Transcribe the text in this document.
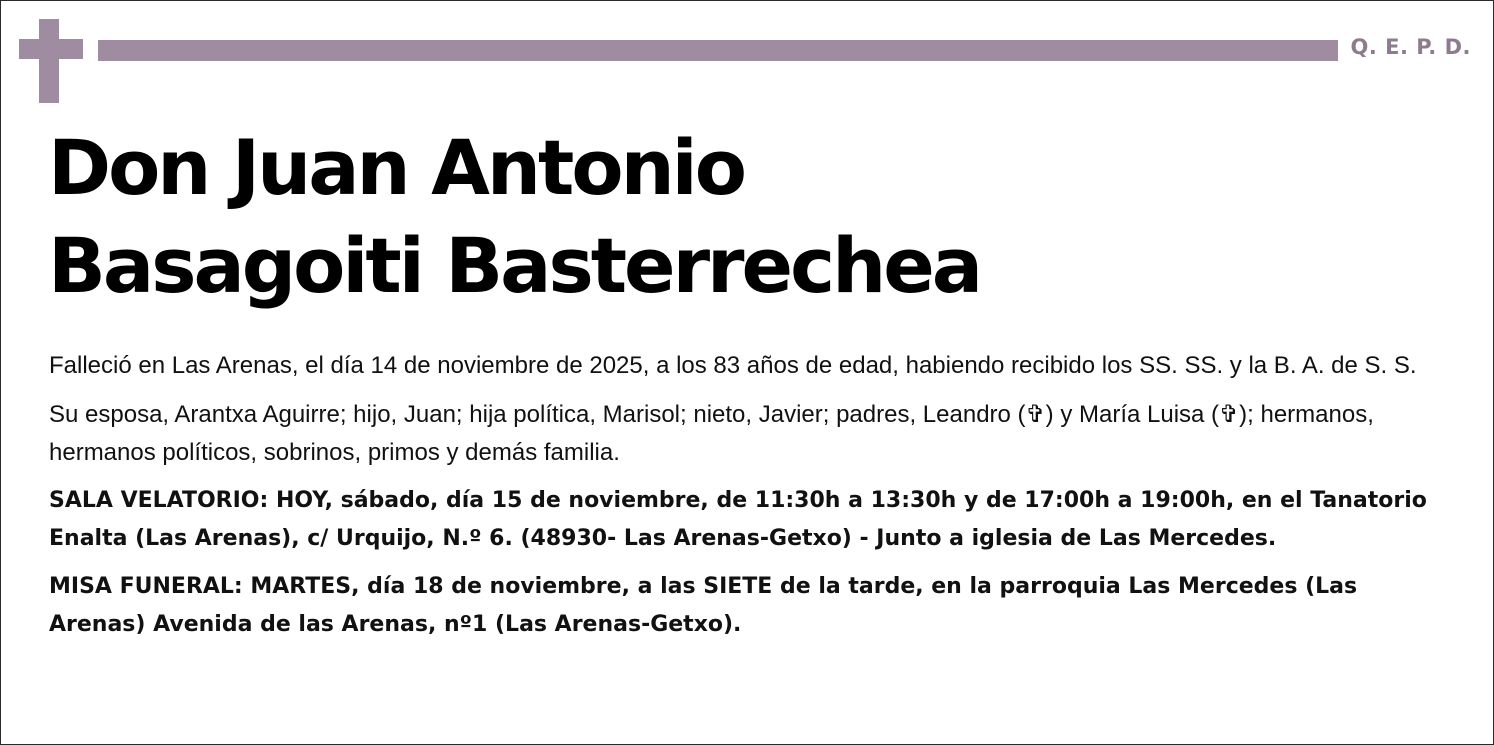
Q. E. P. D.
Don Juan Antonio
Basagoiti Basterrechea

Falleció en Las Arenas, el día 14 de noviembre de 2025, a los 83 años de edad, habiendo recibido los SS. SS. y la B. A. de S. S.

Su esposa, Arantxa Aguirre; hijo, Juan; hija política, Marisol; nieto, Javier; padres, Leandro (✞) y María Luisa (✞); hermanos, hermanos políticos, sobrinos, primos y demás familia.

SALA VELATORIO: HOY, sábado, día 15 de noviembre, de 11:30h a 13:30h y de 17:00h a 19:00h, en el Tanatorio Enalta (Las Arenas), c/ Urquijo, N.º 6. (48930- Las Arenas-Getxo) - Junto a iglesia de Las Mercedes.

MISA FUNERAL: MARTES, día 18 de noviembre, a las SIETE de la tarde, en la parroquia Las Mercedes (Las Arenas) Avenida de las Arenas, nº1 (Las Arenas-Getxo).
